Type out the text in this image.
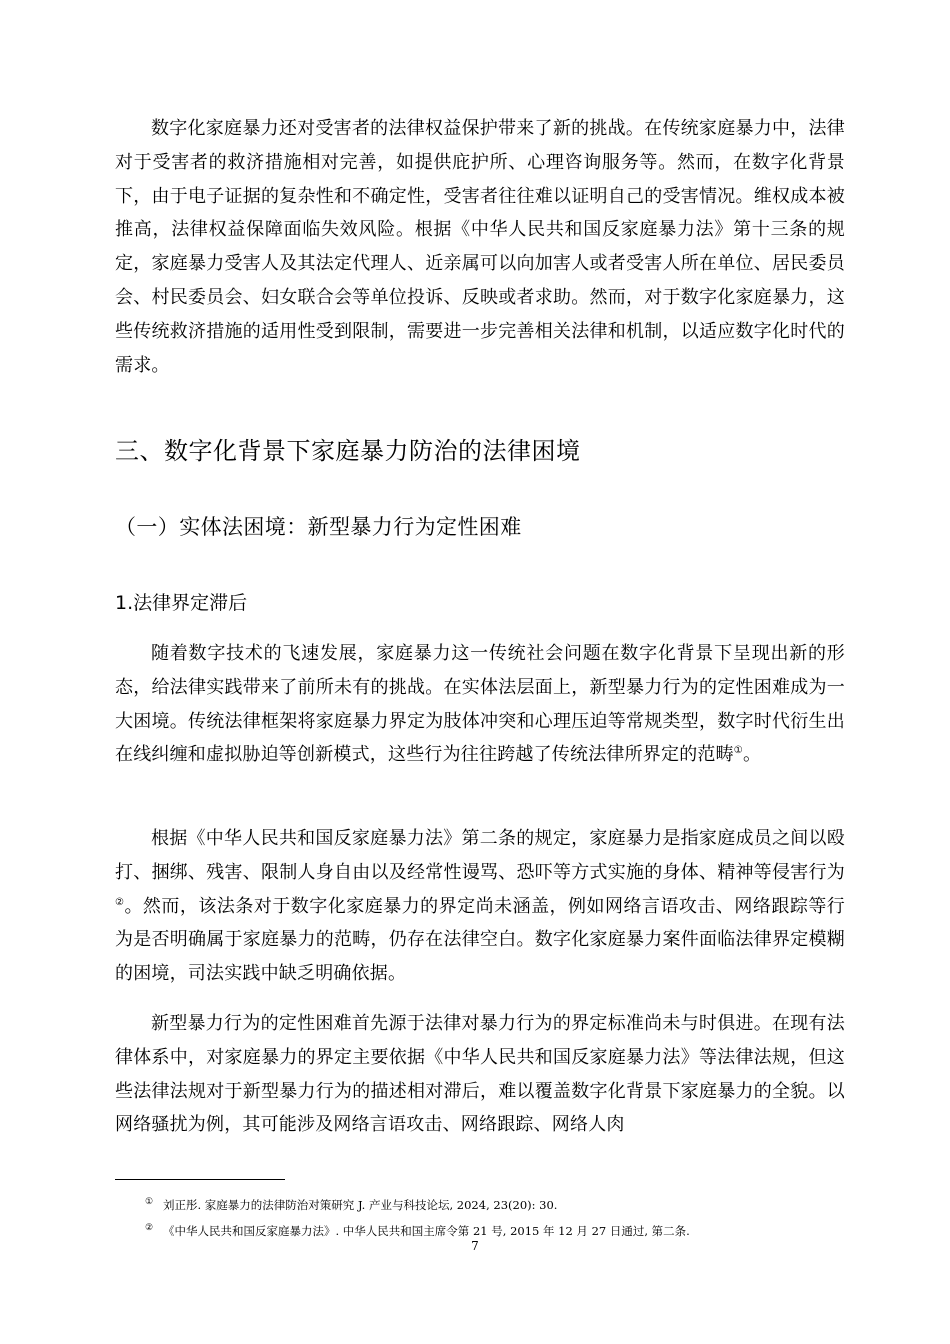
数字化家庭暴力还对受害者的法律权益保护带来了新的挑战。在传统家庭暴力中，法律对于受害者的救济措施相对完善，如提供庇护所、心理咨询服务等。然而，在数字化背景下，由于电子证据的复杂性和不确定性，受害者往往难以证明自己的受害情况。维权成本被推高，法律权益保障面临失效风险。根据《中华人民共和国反家庭暴力法》第十三条的规定，家庭暴力受害人及其法定代理人、近亲属可以向加害人或者受害人所在单位、居民委员会、村民委员会、妇女联合会等单位投诉、反映或者求助。然而，对于数字化家庭暴力，这些传统救济措施的适用性受到限制，需要进一步完善相关法律和机制，以适应数字化时代的需求。

三、数字化背景下家庭暴力防治的法律困境
（一）实体法困境：新型暴力行为定性困难
1.法律界定滞后

随着数字技术的飞速发展，家庭暴力这一传统社会问题在数字化背景下呈现出新的形态，给法律实践带来了前所未有的挑战。在实体法层面上，新型暴力行为的定性困难成为一大困境。传统法律框架将家庭暴力界定为肢体冲突和心理压迫等常规类型，数字时代衍生出在线纠缠和虚拟胁迫等创新模式，这些行为往往跨越了传统法律所界定的范畴①。

根据《中华人民共和国反家庭暴力法》第二条的规定，家庭暴力是指家庭成员之间以殴打、捆绑、残害、限制人身自由以及经常性谩骂、恐吓等方式实施的身体、精神等侵害行为②。然而，该法条对于数字化家庭暴力的界定尚未涵盖，例如网络言语攻击、网络跟踪等行为是否明确属于家庭暴力的范畴，仍存在法律空白。数字化家庭暴力案件面临法律界定模糊的困境，司法实践中缺乏明确依据。

新型暴力行为的定性困难首先源于法律对暴力行为的界定标准尚未与时俱进。在现有法律体系中，对家庭暴力的界定主要依据《中华人民共和国反家庭暴力法》等法律法规，但这些法律法规对于新型暴力行为的描述相对滞后，难以覆盖数字化背景下家庭暴力的全貌。以网络骚扰为例，其可能涉及网络言语攻击、网络跟踪、网络人肉

① 刘正彤. 家庭暴力的法律防治对策研究 J. 产业与科技论坛, 2024, 23(20): 30.

② 《中华人民共和国反家庭暴力法》. 中华人民共和国主席令第 21 号, 2015 年 12 月 27 日通过, 第二条.

7
